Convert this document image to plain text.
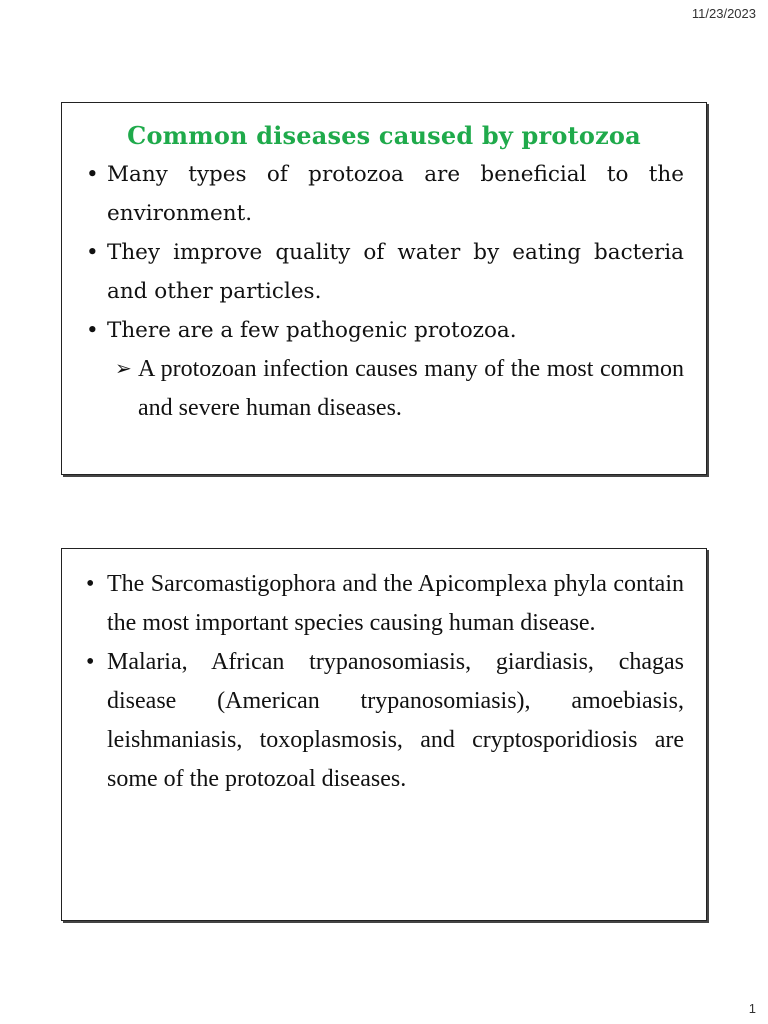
11/23/2023
Common diseases caused by protozoa
• Many types of protozoa are beneficial to the environment.
• They improve quality of water by eating bacteria and other particles.
• There are a few pathogenic protozoa.
➢ A protozoan infection causes many of the most common and severe human diseases.
• The Sarcomastigophora and the Apicomplexa phyla contain the most important species causing human disease.
• Malaria, African trypanosomiasis, giardiasis, chagas disease (American trypanosomiasis), amoebiasis, leishmaniasis, toxoplasmosis, and cryptosporidiosis are some of the protozoal diseases.
1
